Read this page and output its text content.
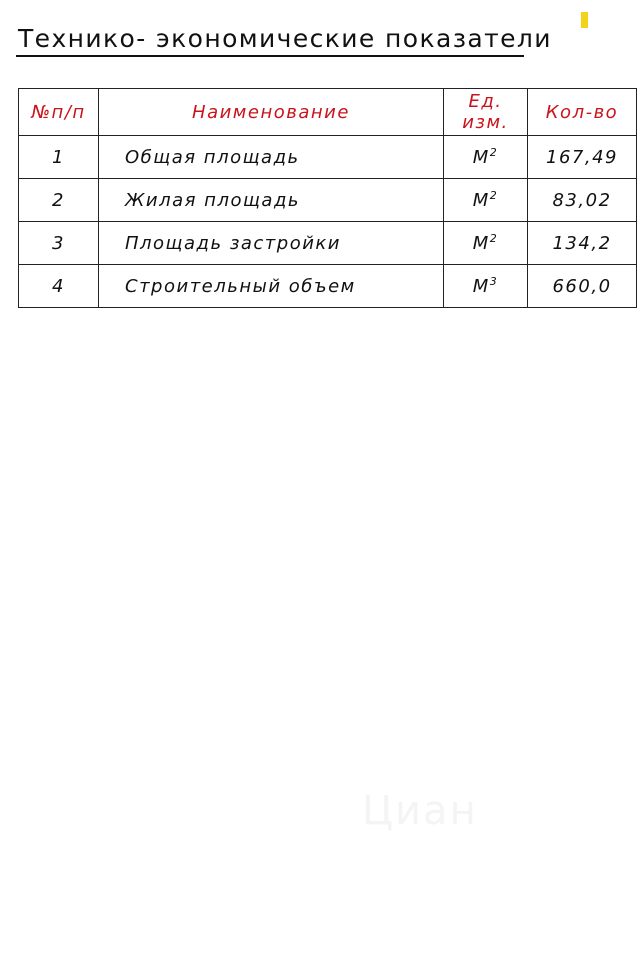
Технико- экономические показатели
№п/п	Наименование	Ед. изм.	Кол-во
1	Общая площадь	$М^2$	167,49
2	Жилая площадь	$М^2$	83,02
3	Площадь застройки	$М^2$	134,2
4	Строительный объем	$М^3$	660,0
Циан
